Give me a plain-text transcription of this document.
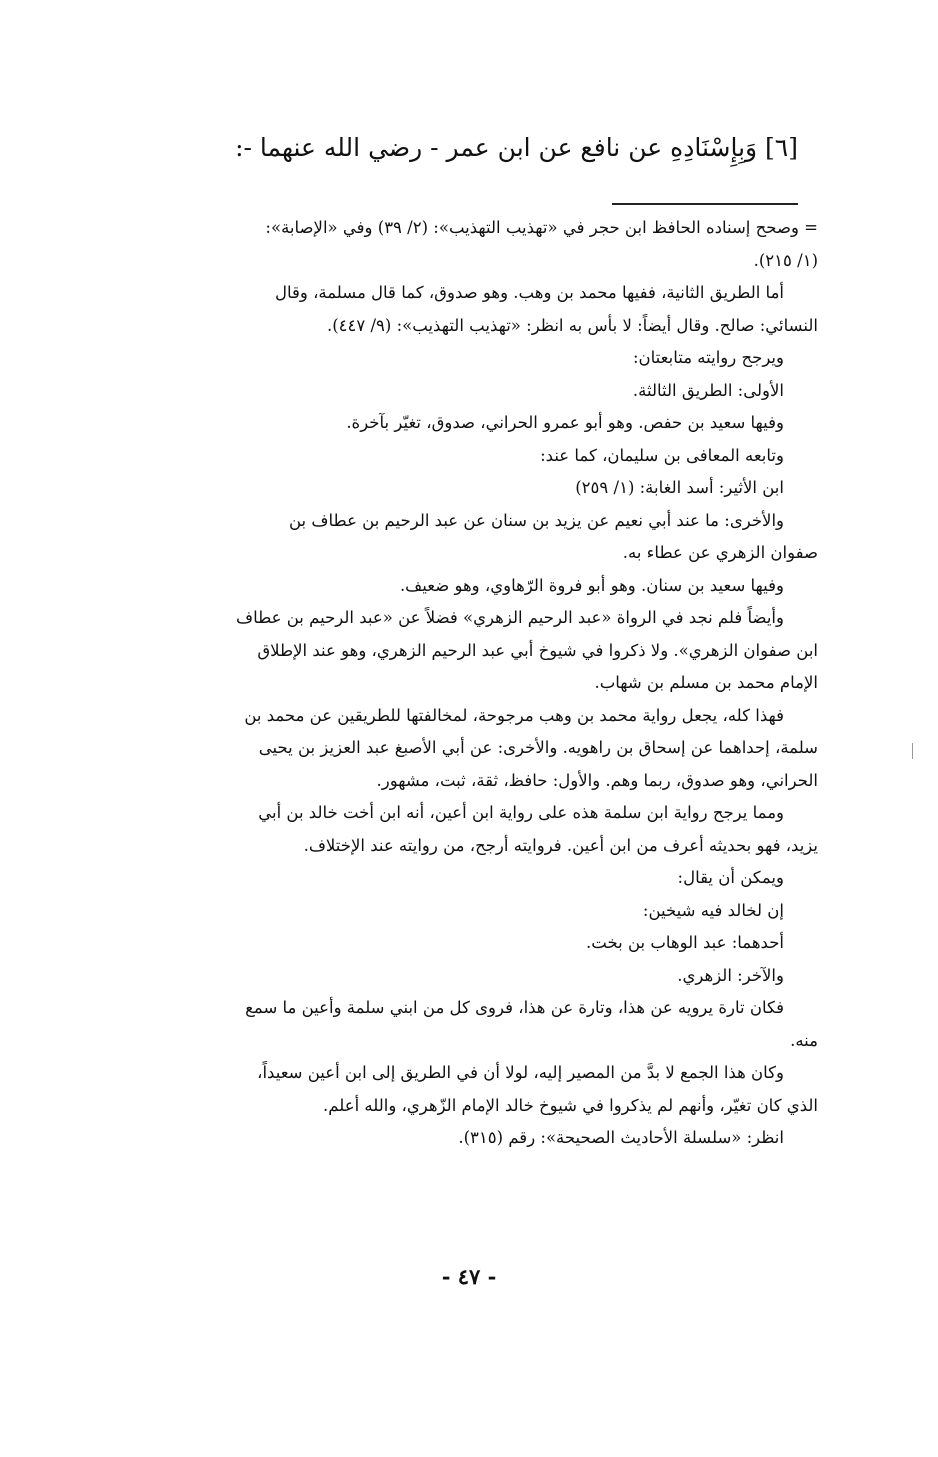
[٦] وَبِإِسْنَادِهِ عن نافع عن ابن عمر - رضي الله عنهما -:
= وصحح إسناده الحافظ ابن حجر في «تهذيب التهذيب»: (٢/ ٣٩) وفي «الإصابة»:
(١/ ٢١٥).
أما الطريق الثانية، ففيها محمد بن وهب. وهو صدوق، كما قال مسلمة، وقال
النسائي: صالح. وقال أيضاً: لا بأس به انظر: «تهذيب التهذيب»: (٩/ ٤٤٧).
ويرجح روايته متابعتان:
الأولى: الطريق الثالثة.
وفيها سعيد بن حفص. وهو أبو عمرو الحراني، صدوق، تغيّر بآخرة.
وتابعه المعافى بن سليمان، كما عند:
ابن الأثير: أسد الغابة: (١/ ٢٥٩)
والأخرى: ما عند أبي نعيم عن يزيد بن سنان عن عبد الرحيم بن عطاف بن
صفوان الزهري عن عطاء به.
وفيها سعيد بن سنان. وهو أبو فروة الرّهاوي، وهو ضعيف.
وأيضاً فلم نجد في الرواة «عبد الرحيم الزهري» فضلاً عن «عبد الرحيم بن عطاف
ابن صفوان الزهري». ولا ذكروا في شيوخ أبي عبد الرحيم الزهري، وهو عند الإطلاق
الإمام محمد بن مسلم بن شهاب.
فهذا كله، يجعل رواية محمد بن وهب مرجوحة، لمخالفتها للطريقين عن محمد بن
سلمة، إحداهما عن إسحاق بن راهويه. والأخرى: عن أبي الأصبغ عبد العزيز بن يحيى
الحراني، وهو صدوق، ربما وهم. والأول: حافظ، ثقة، ثبت، مشهور.
ومما يرجح رواية ابن سلمة هذه على رواية ابن أعين، أنه ابن أخت خالد بن أبي
يزيد، فهو بحديثه أعرف من ابن أعين. فروايته أرجح، من روايته عند الإختلاف.
ويمكن أن يقال:
إن لخالد فيه شيخين:
أحدهما: عبد الوهاب بن بخت.
والآخر: الزهري.
فكان تارة يرويه عن هذا، وتارة عن هذا، فروى كل من ابني سلمة وأعين ما سمع
منه.
وكان هذا الجمع لا بدَّ من المصير إليه، لولا أن في الطريق إلى ابن أعين سعيداً،
الذي كان تغيّر، وأنهم لم يذكروا في شيوخ خالد الإمام الزّهري، والله أعلم.
انظر: «سلسلة الأحاديث الصحيحة»: رقم (٣١٥).
- ٤٧ -
